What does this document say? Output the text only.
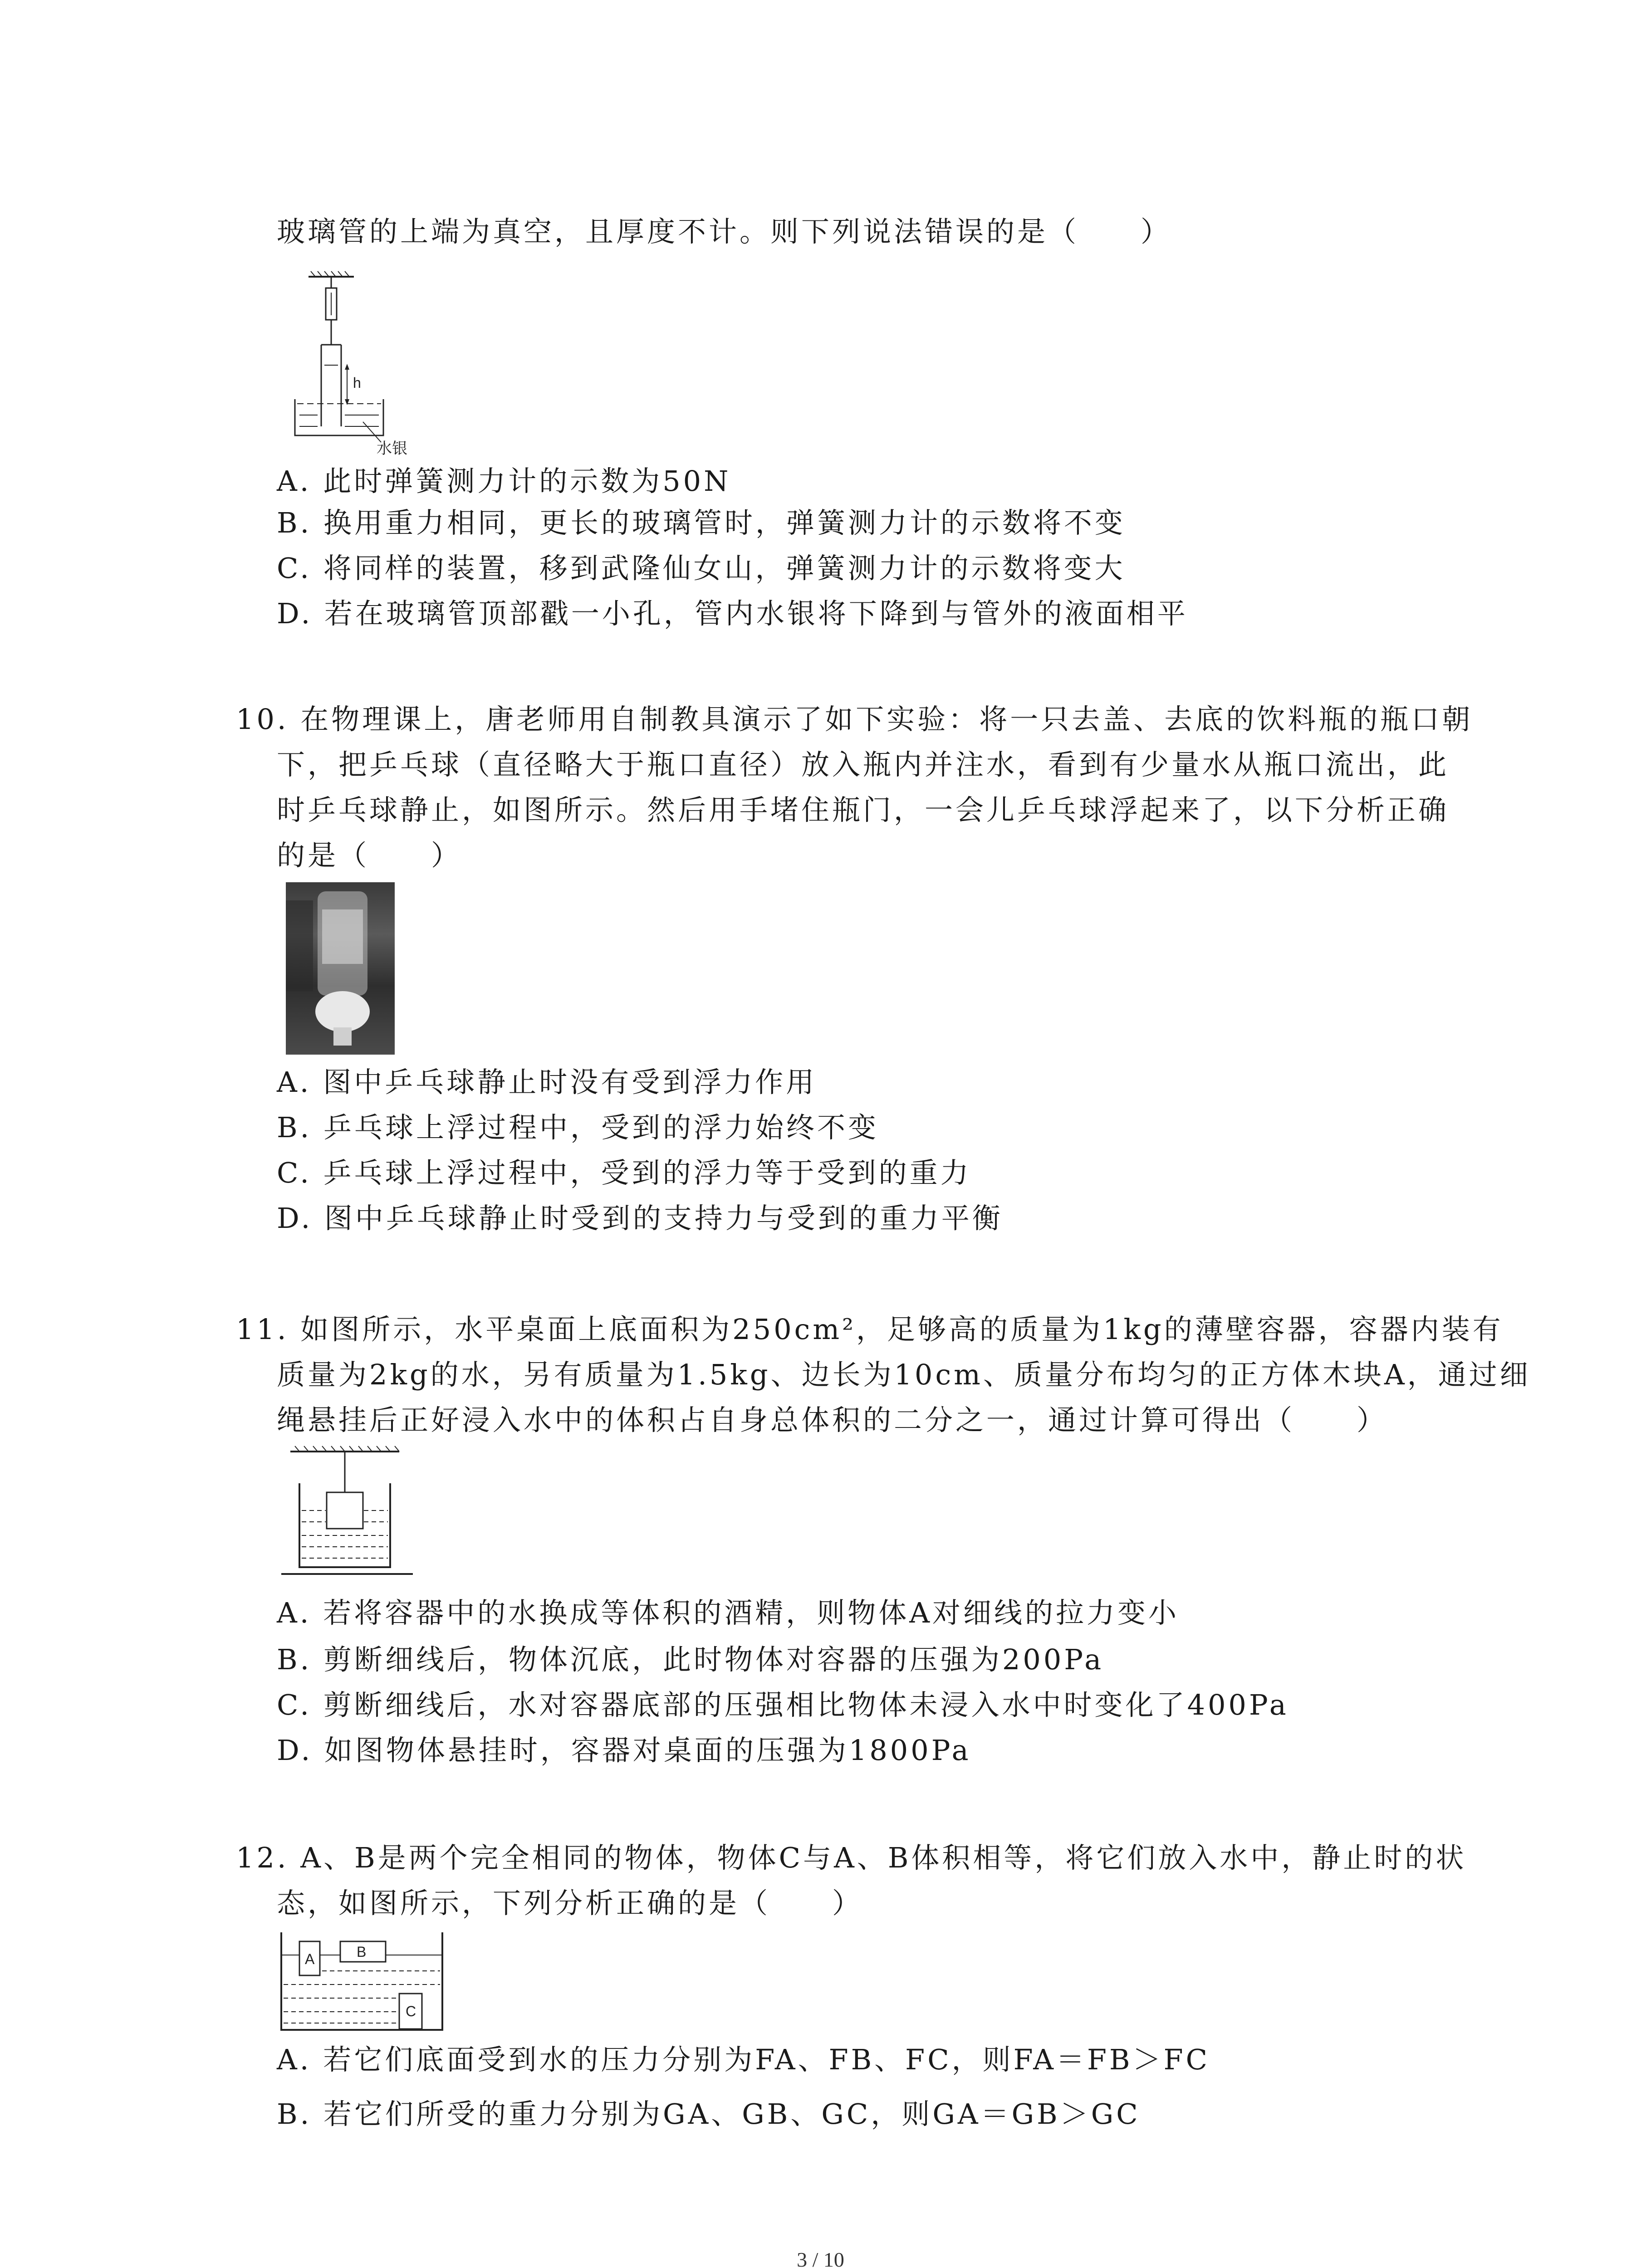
玻璃管的上端为真空，且厚度不计。则下列说法错误的是（　　）
h
水银
A. 此时弹簧测力计的示数为50N
B. 换用重力相同，更长的玻璃管时，弹簧测力计的示数将不变
C. 将同样的装置，移到武隆仙女山，弹簧测力计的示数将变大
D. 若在玻璃管顶部戳一小孔，管内水银将下降到与管外的液面相平
10. 在物理课上，唐老师用自制教具演示了如下实验：将一只去盖、去底的饮料瓶的瓶口朝
下，把乒乓球（直径略大于瓶口直径）放入瓶内并注水，看到有少量水从瓶口流出，此
时乒乓球静止，如图所示。然后用手堵住瓶门，一会儿乒乓球浮起来了，以下分析正确
的是（　　）
A. 图中乒乓球静止时没有受到浮力作用
B. 乒乓球上浮过程中，受到的浮力始终不变
C. 乒乓球上浮过程中，受到的浮力等于受到的重力
D. 图中乒乓球静止时受到的支持力与受到的重力平衡
11. 如图所示，水平桌面上底面积为250cm²，足够高的质量为1kg的薄壁容器，容器内装有
质量为2kg的水，另有质量为1.5kg、边长为10cm、质量分布均匀的正方体木块A，通过细
绳悬挂后正好浸入水中的体积占自身总体积的二分之一，通过计算可得出（　　）
A. 若将容器中的水换成等体积的酒精，则物体A对细线的拉力变小
B. 剪断细线后，物体沉底，此时物体对容器的压强为200Pa
C. 剪断细线后，水对容器底部的压强相比物体未浸入水中时变化了400Pa
D. 如图物体悬挂时，容器对桌面的压强为1800Pa
12. A、B是两个完全相同的物体，物体C与A、B体积相等，将它们放入水中，静止时的状
态，如图所示，下列分析正确的是（　　）
A	B
C
A. 若它们底面受到水的压力分别为FA、FB、FC，则FA＝FB＞FC
B. 若它们所受的重力分别为GA、GB、GC，则GA＝GB＞GC
3 / 10
